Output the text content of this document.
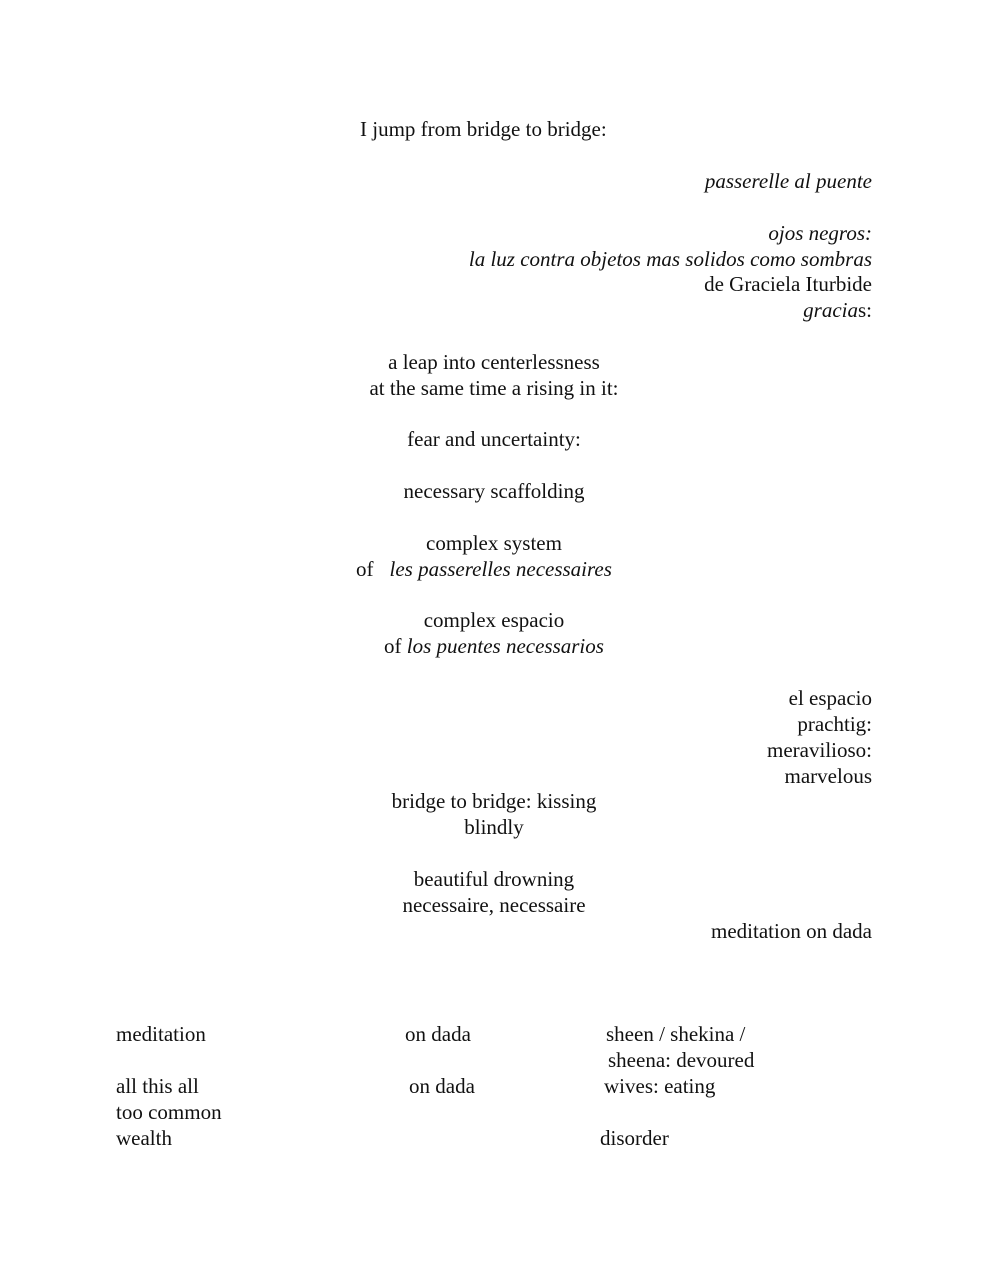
I jump from bridge to bridge:
passerelle al puente
ojos negros:
la luz contra objetos mas solidos como sombras
de Graciela Iturbide
gracias:
a leap into centerlessness
at the same time a rising in it:
fear and uncertainty:
necessary scaffolding
complex system
of les passerelles necessaires
complex espacio
of los puentes necessarios
el espacio
prachtig:
meravilioso:
marvelous
bridge to bridge: kissing
blindly
beautiful drowning
necessaire, necessaire
meditation on dada
meditation
all this all
too common
wealth
on dada
on dada
sheen / shekina /
sheena: devoured
wives: eating
disorder
